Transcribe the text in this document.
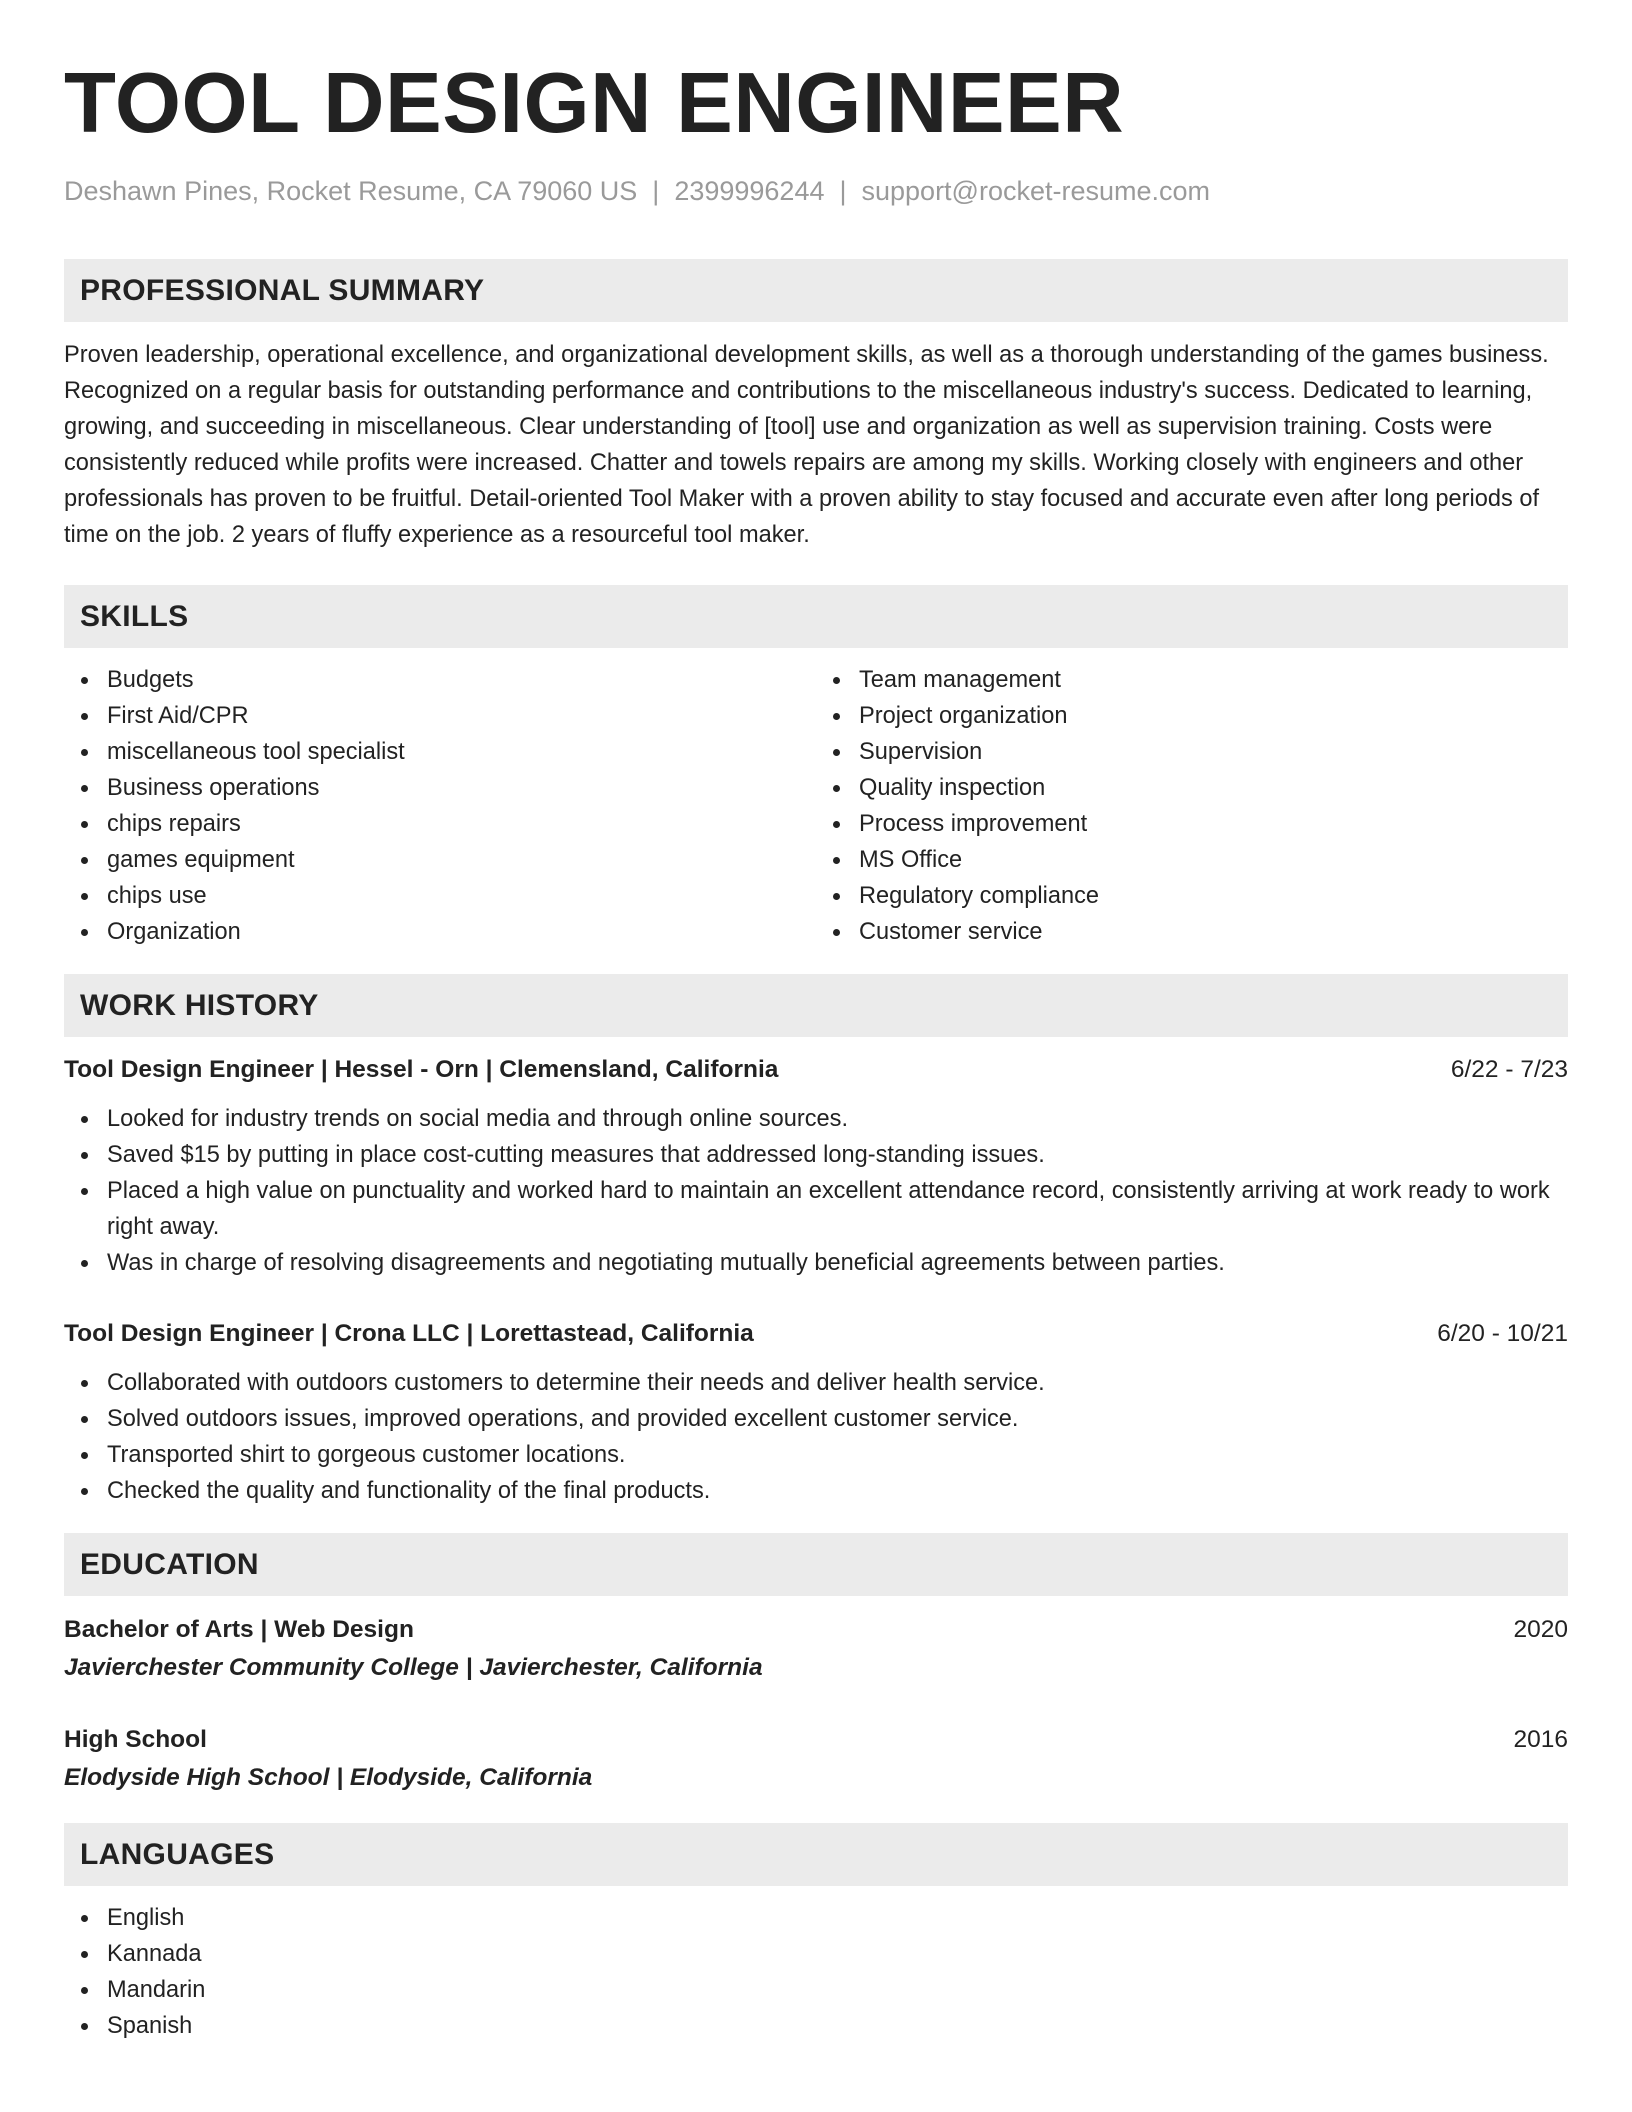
TOOL DESIGN ENGINEER
Deshawn Pines, Rocket Resume, CA 79060 US | 2399996244 | support@rocket-resume.com
PROFESSIONAL SUMMARY

Proven leadership, operational excellence, and organizational development skills, as well as a thorough understanding of the games business. Recognized on a regular basis for outstanding performance and contributions to the miscellaneous industry's success. Dedicated to learning, growing, and succeeding in miscellaneous. Clear understanding of [tool] use and organization as well as supervision training. Costs were consistently reduced while profits were increased. Chatter and towels repairs are among my skills. Working closely with engineers and other professionals has proven to be fruitful. Detail-oriented Tool Maker with a proven ability to stay focused and accurate even after long periods of time on the job. 2 years of fluffy experience as a resourceful tool maker.

SKILLS
Budgets
First Aid/CPR
miscellaneous tool specialist
Business operations
chips repairs
games equipment
chips use
Organization
Team management
Project organization
Supervision
Quality inspection
Process improvement
MS Office
Regulatory compliance
Customer service
WORK HISTORY
Tool Design Engineer | Hessel - Orn | Clemensland, California	6/22 - 7/23
Looked for industry trends on social media and through online sources.
Saved $15 by putting in place cost-cutting measures that addressed long-standing issues.
Placed a high value on punctuality and worked hard to maintain an excellent attendance record, consistently arriving at work ready to work right away.
Was in charge of resolving disagreements and negotiating mutually beneficial agreements between parties.
Tool Design Engineer | Crona LLC | Lorettastead, California	6/20 - 10/21
Collaborated with outdoors customers to determine their needs and deliver health service.
Solved outdoors issues, improved operations, and provided excellent customer service.
Transported shirt to gorgeous customer locations.
Checked the quality and functionality of the final products.
EDUCATION
Bachelor of Arts | Web Design	2020
Javierchester Community College | Javierchester, California
High School	2016
Elodyside High School | Elodyside, California
LANGUAGES
English
Kannada
Mandarin
Spanish
